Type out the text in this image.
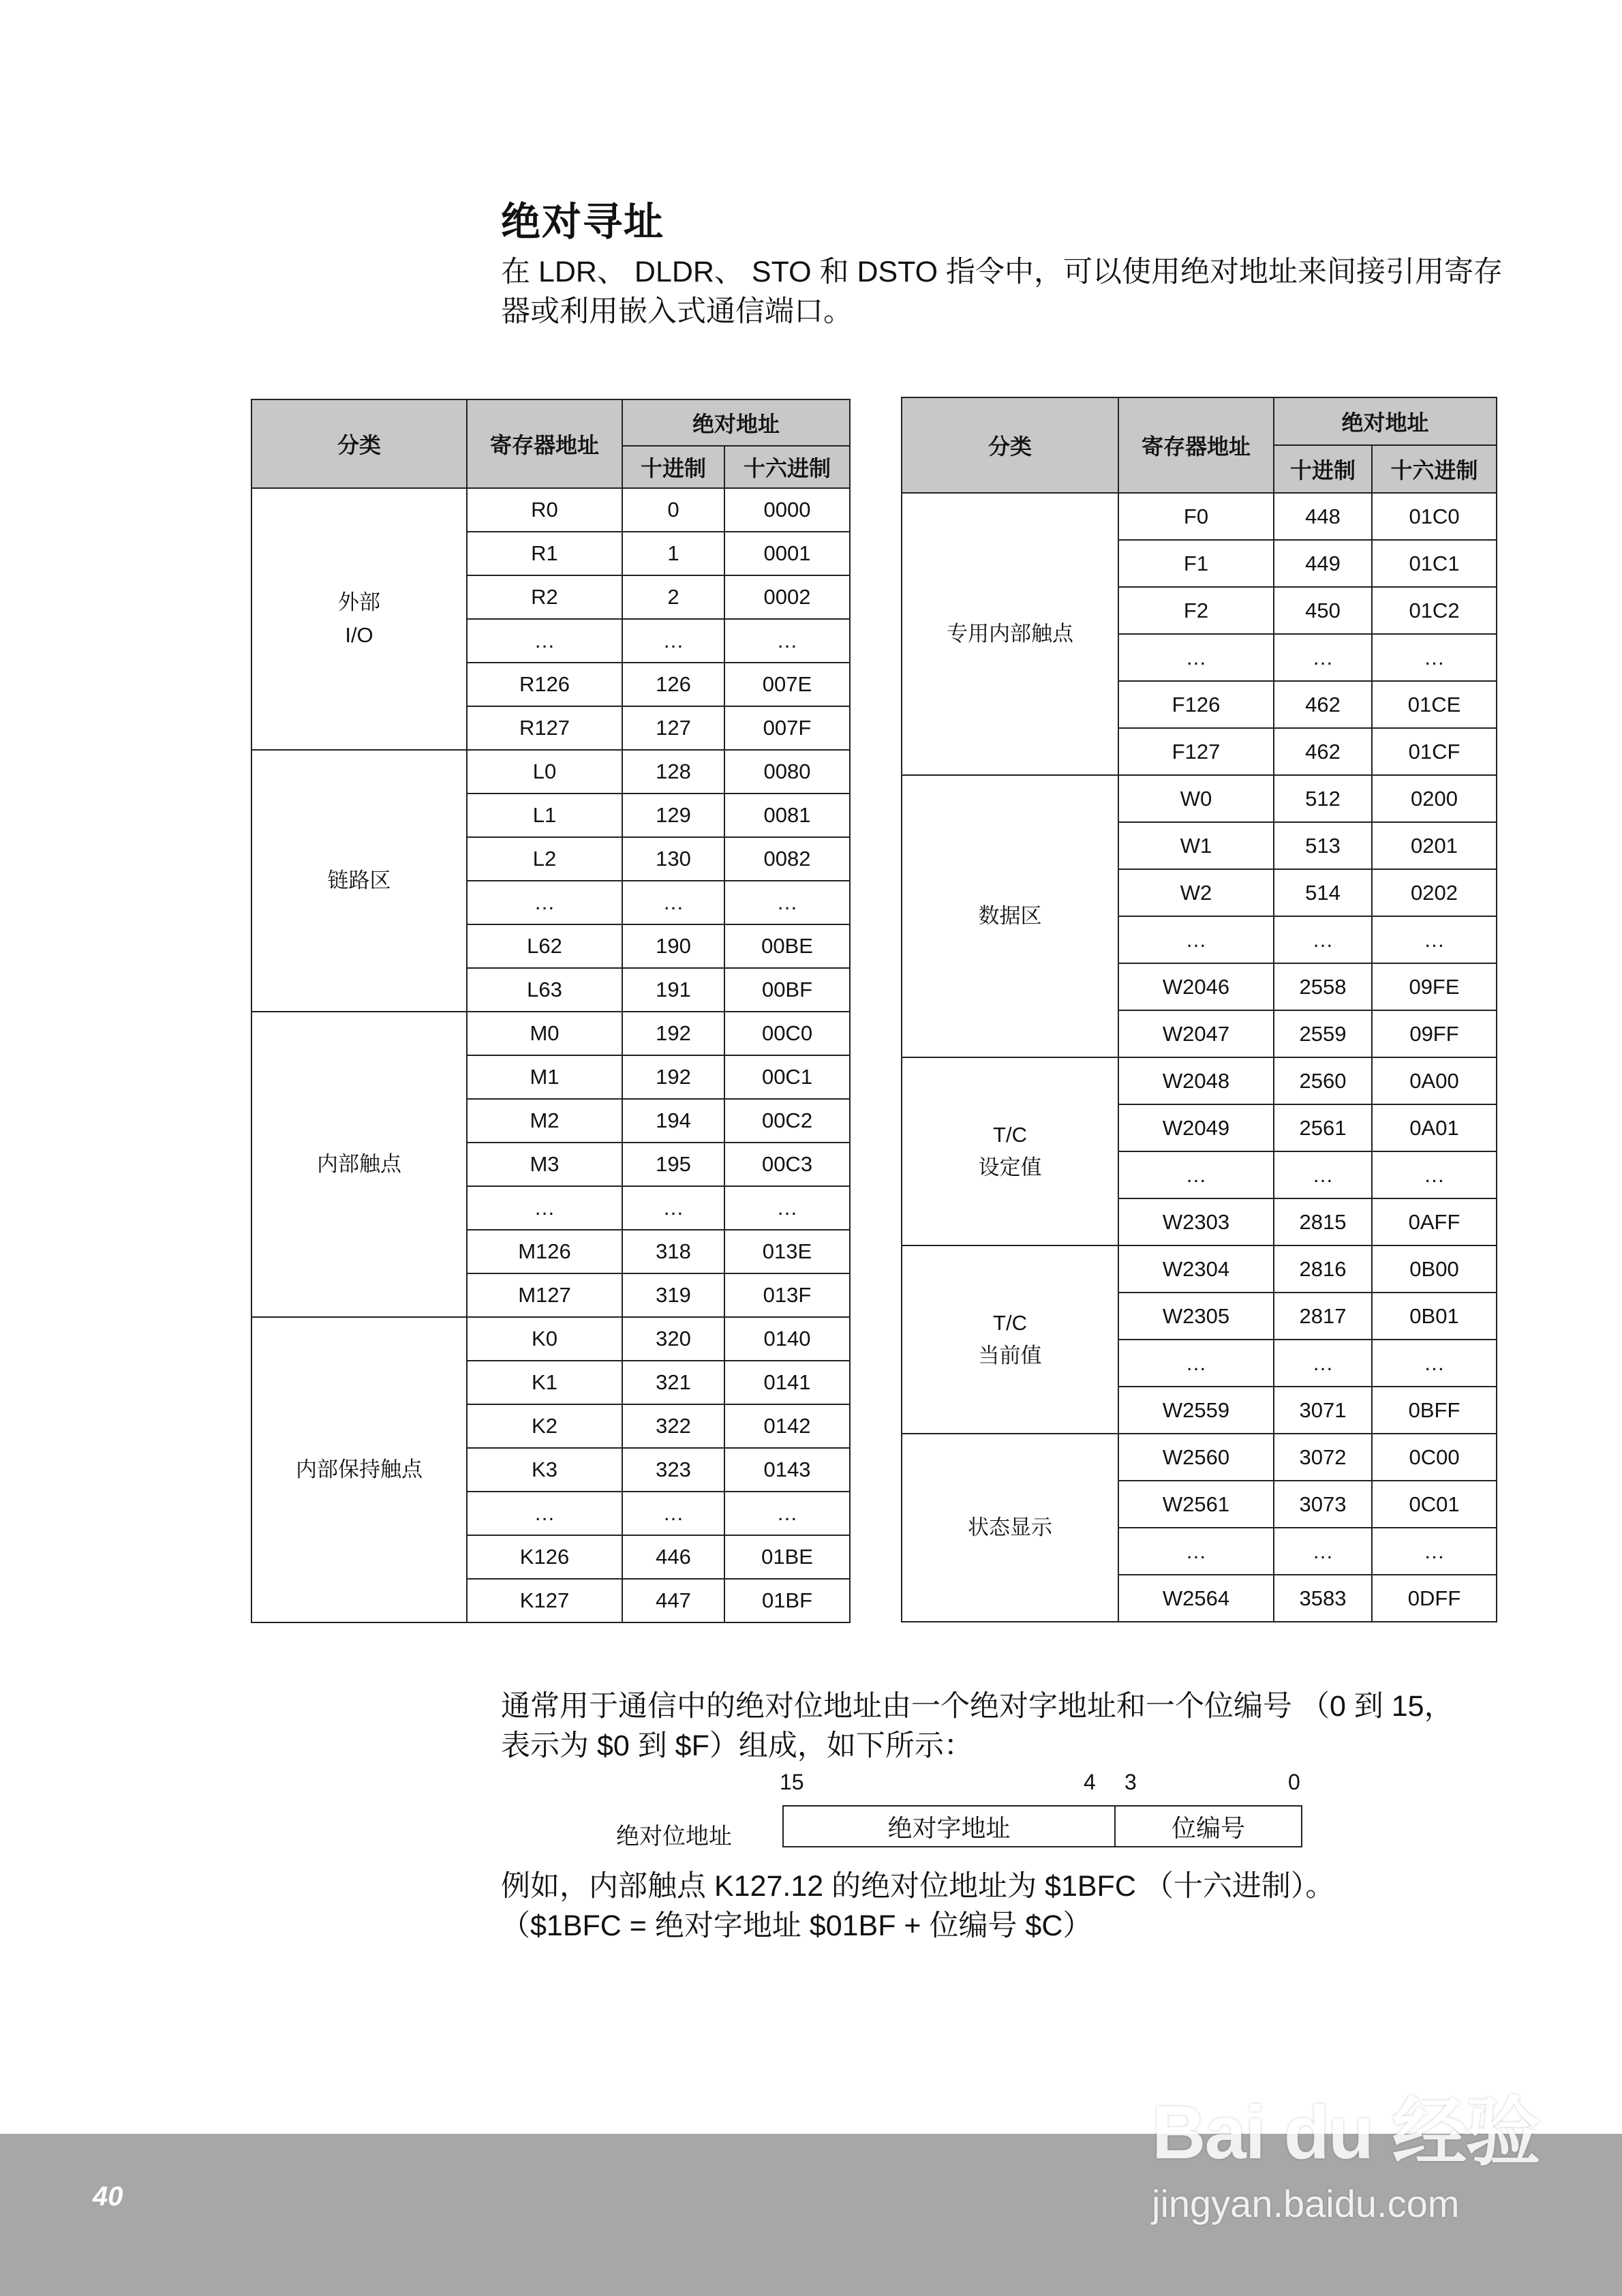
绝对寻址

在 LDR、 DLDR、 STO 和 DSTO 指令中，可以使用绝对地址来间接引用寄存

器或利用嵌入式通信端口。

分类	寄存器地址	绝对地址	
		十进制	十六进制

外部
I/O	R0	0	0000
	R1	1	0001
	R2	2	0002
	…	…	…
	R126	126	007E
	R127	127	007F

链路区	L0	128	0080
	L1	129	0081
	L2	130	0082
	…	…	…
	L62	190	00BE
	L63	191	00BF

内部触点	M0	192	00C0
	M1	192	00C1
	M2	194	00C2
	M3	195	00C3
	…	…	…
	M126	318	013E
	M127	319	013F

内部保持触点	K0	320	0140
	K1	321	0141
	K2	322	0142
	K3	323	0143
	…	…	…
	K126	446	01BE
	K127	447	01BF
分类	寄存器地址	绝对地址	
		十进制	十六进制

专用内部触点	F0	448	01C0
	F1	449	01C1
	F2	450	01C2
	…	…	…
	F126	462	01CE
	F127	462	01CF

数据区	W0	512	0200
	W1	513	0201
	W2	514	0202
	…	…	…
	W2046	2558	09FE
	W2047	2559	09FF

T/C
设定值	W2048	2560	0A00
	W2049	2561	0A01
	…	…	…
	W2303	2815	0AFF

T/C
当前值	W2304	2816	0B00
	W2305	2817	0B01
	…	…	…
	W2559	3071	0BFF

状态显示	W2560	3072	0C00
	W2561	3073	0C01
	…	…	…
	W2564	3583	0DFF

通常用于通信中的绝对位地址由一个绝对字地址和一个位编号 （0 到 15，

表示为 $0 到 $F）组成，如下所示：

15	4 3	0
绝对位地址	绝对字地址	位编号

例如，内部触点 K127.12 的绝对位地址为 $1BFC （十六进制）。

（$1BFC = 绝对字地址 $01BF + 位编号 $C）

40
Bai du 经验
jingyan.baidu.com
